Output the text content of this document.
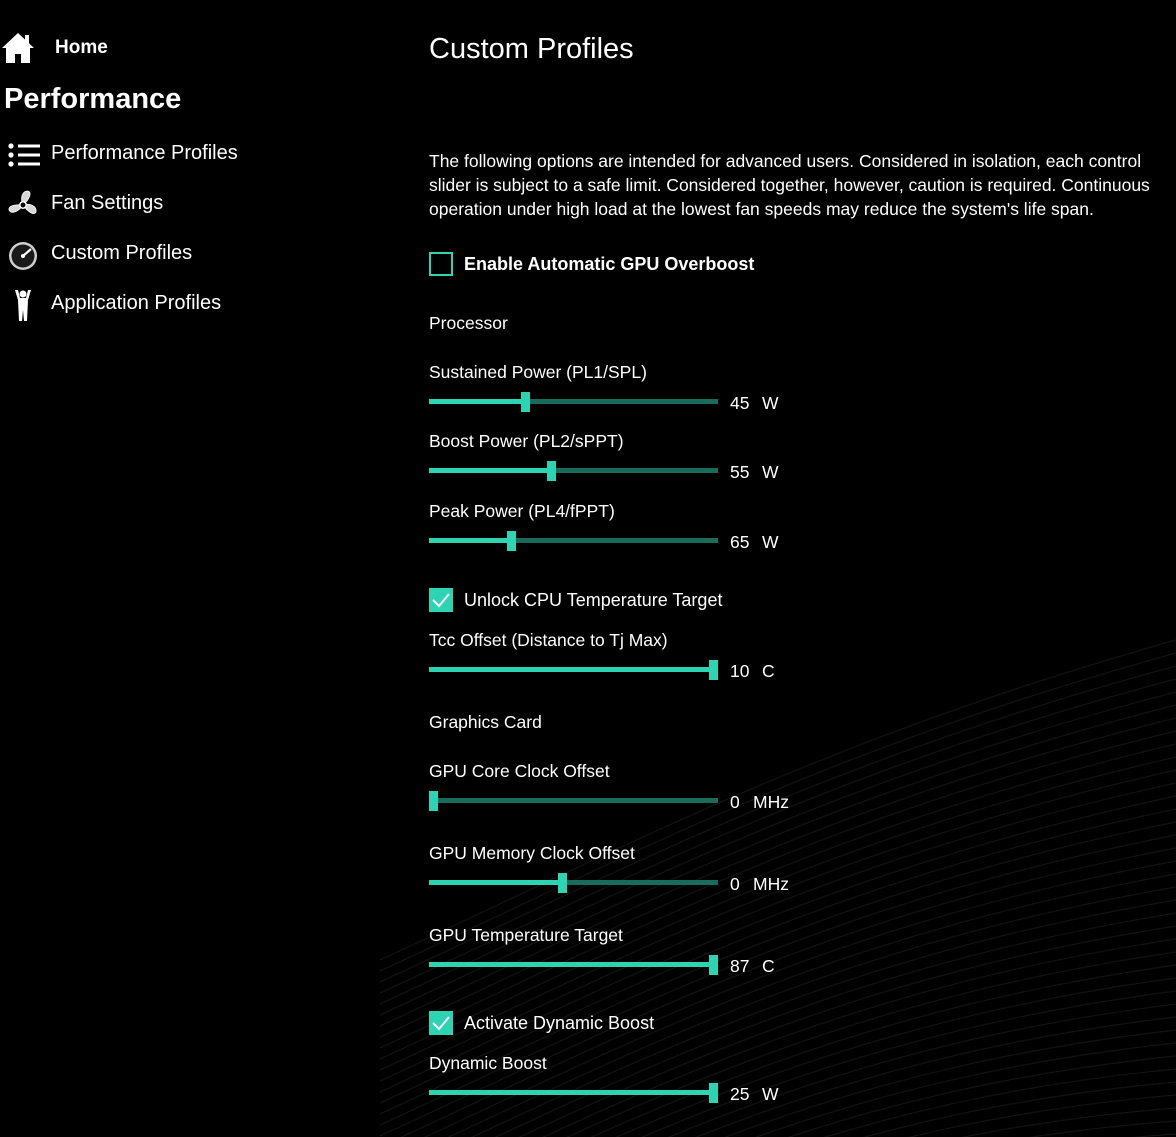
Home
Performance
Performance Profiles
Fan Settings
Custom Profiles
Application Profiles
Custom Profiles
The following options are intended for advanced users. Considered in isolation, each control slider is subject to a safe limit. Considered together, however, caution is required. Continuous operation under high load at the lowest fan speeds may reduce the system's life span.
Enable Automatic GPU Overboost
Processor
Sustained Power (PL1/SPL)
45 W
Boost Power (PL2/sPPT)
55 W
Peak Power (PL4/fPPT)
65 W
Unlock CPU Temperature Target
Tcc Offset (Distance to Tj Max)
10 C
Graphics Card
GPU Core Clock Offset
0 MHz
GPU Memory Clock Offset
0 MHz
GPU Temperature Target
87 C
Activate Dynamic Boost
Dynamic Boost
25 W
